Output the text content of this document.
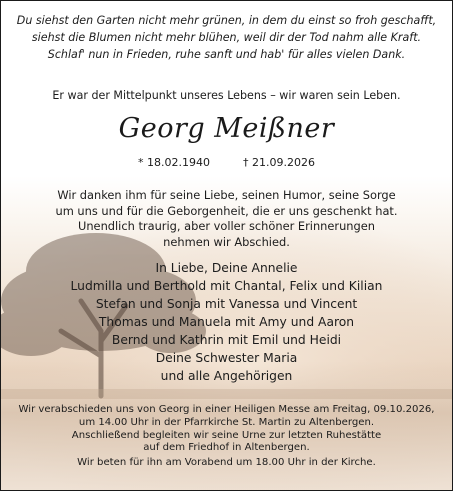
Du siehst den Garten nicht mehr grünen, in dem du einst so froh geschafft,
siehst die Blumen nicht mehr blühen, weil dir der Tod nahm alle Kraft.
Schlaf' nun in Frieden, ruhe sanft und hab' für alles vielen Dank.
Er war der Mittelpunkt unseres Lebens – wir waren sein Leben.
Georg Meißner
* 18.02.1940	† 21.09.2026
Wir danken ihm für seine Liebe, seinen Humor, seine Sorge
um uns und für die Geborgenheit, die er uns geschenkt hat.
Unendlich traurig, aber voller schöner Erinnerungen
nehmen wir Abschied.
In Liebe, Deine Annelie
Ludmilla und Berthold mit Chantal, Felix und Kilian
Stefan und Sonja mit Vanessa und Vincent
Thomas und Manuela mit Amy und Aaron
Bernd und Kathrin mit Emil und Heidi
Deine Schwester Maria
und alle Angehörigen
Wir verabschieden uns von Georg in einer Heiligen Messe am Freitag, 09.10.2026,
um 14.00 Uhr in der Pfarrkirche St. Martin zu Altenbergen.
Anschließend begleiten wir seine Urne zur letzten Ruhestätte
auf dem Friedhof in Altenbergen.
Wir beten für ihn am Vorabend um 18.00 Uhr in der Kirche.
